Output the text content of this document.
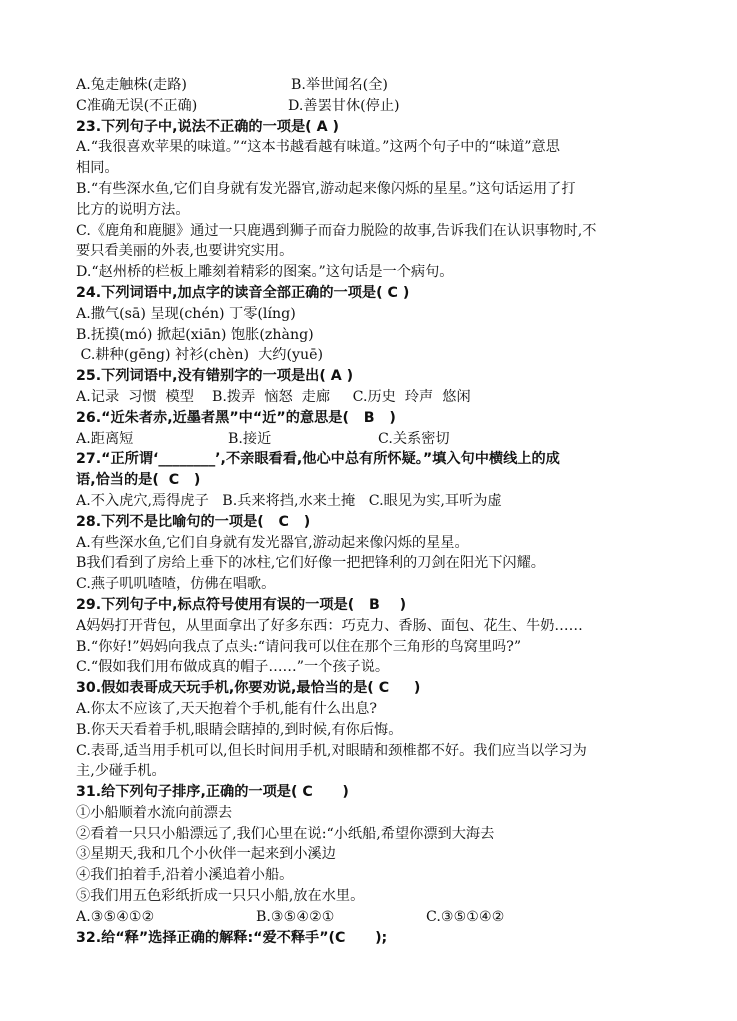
A.兔走触株(走路)	B.举世闻名(全)
C准确无误(不正确)	D.善罢甘休(停止)
23.下列句子中,说法不正确的一项是( A )
A.“我很喜欢苹果的味道。”“这本书越看越有味道。”这两个句子中的“味道”意思
相同。
B.“有些深水鱼,它们自身就有发光器官,游动起来像闪烁的星星。”这句话运用了打
比方的说明方法。
C.《鹿角和鹿腿》通过一只鹿遇到狮子而奋力脱险的故事,告诉我们在认识事物时,不
要只看美丽的外表,也要讲究实用。
D.“赵州桥的栏板上雕刻着精彩的图案。”这句话是一个病句。
24.下列词语中,加点字的读音全部正确的一项是( C )
A.撒气(sā) 呈现(chén) 丁零(líng)
B.抚摸(mó) 掀起(xiān) 饱胀(zhàng)
C.耕种(gēng) 衬衫(chèn)  大约(yuē)
25.下列词语中,没有错别字的一项是出( A )
A.记录  习惯  模型    B.拨弄  恼怒  走廊     C.历史  玲声  悠闲
26.“近朱者赤,近墨者黑”中“近”的意思是(   B   )
A.距离短	B.接近	C.关系密切
27.“正所谓‘________’,不亲眼看看,他心中总有所怀疑。”填入句中横线上的成
语,恰当的是(  C   )
A.不入虎穴,焉得虎子   B.兵来将挡,水来土掩   C.眼见为实,耳听为虚
28.下列不是比喻句的一项是(   C   )
A.有些深水鱼,它们自身就有发光器官,游动起来像闪烁的星星。
B我们看到了房给上垂下的冰柱,它们好像一把把锋利的刀剑在阳光下闪耀。
C.燕子叽叽喳喳，仿佛在唱歌。
29.下列句子中,标点符号使用有误的一项是(   B    )
A妈妈打开背包，从里面拿出了好多东西：巧克力、香肠、面包、花生、牛奶……
B.“你好!”妈妈向我点了点头:“请问我可以住在那个三角形的鸟窝里吗?”
C.“假如我们用布做成真的帽子……”一个孩子说。
30.假如表哥成天玩手机,你要劝说,最恰当的是( C     )
A.你太不应该了,天天抱着个手机,能有什么出息?
B.你天天看着手机,眼睛会瞎掉的,到时候,有你后悔。
C.表哥,适当用手机可以,但长时间用手机,对眼睛和颈椎都不好。我们应当以学习为
主,少碰手机。
31.给下列句子排序,正确的一项是( C      )
①小船顺着水流向前漂去
②看着一只只小船漂远了,我们心里在说:“小纸船,希望你漂到大海去
③星期天,我和几个小伙伴一起来到小溪边
④我们拍着手,沿着小溪追着小船。
⑤我们用五色彩纸折成一只只小船,放在水里。
A.③⑤④①②	B.③⑤④②①	C.③⑤①④②
32.给“释”选择正确的解释:“爱不释手”(C      );
